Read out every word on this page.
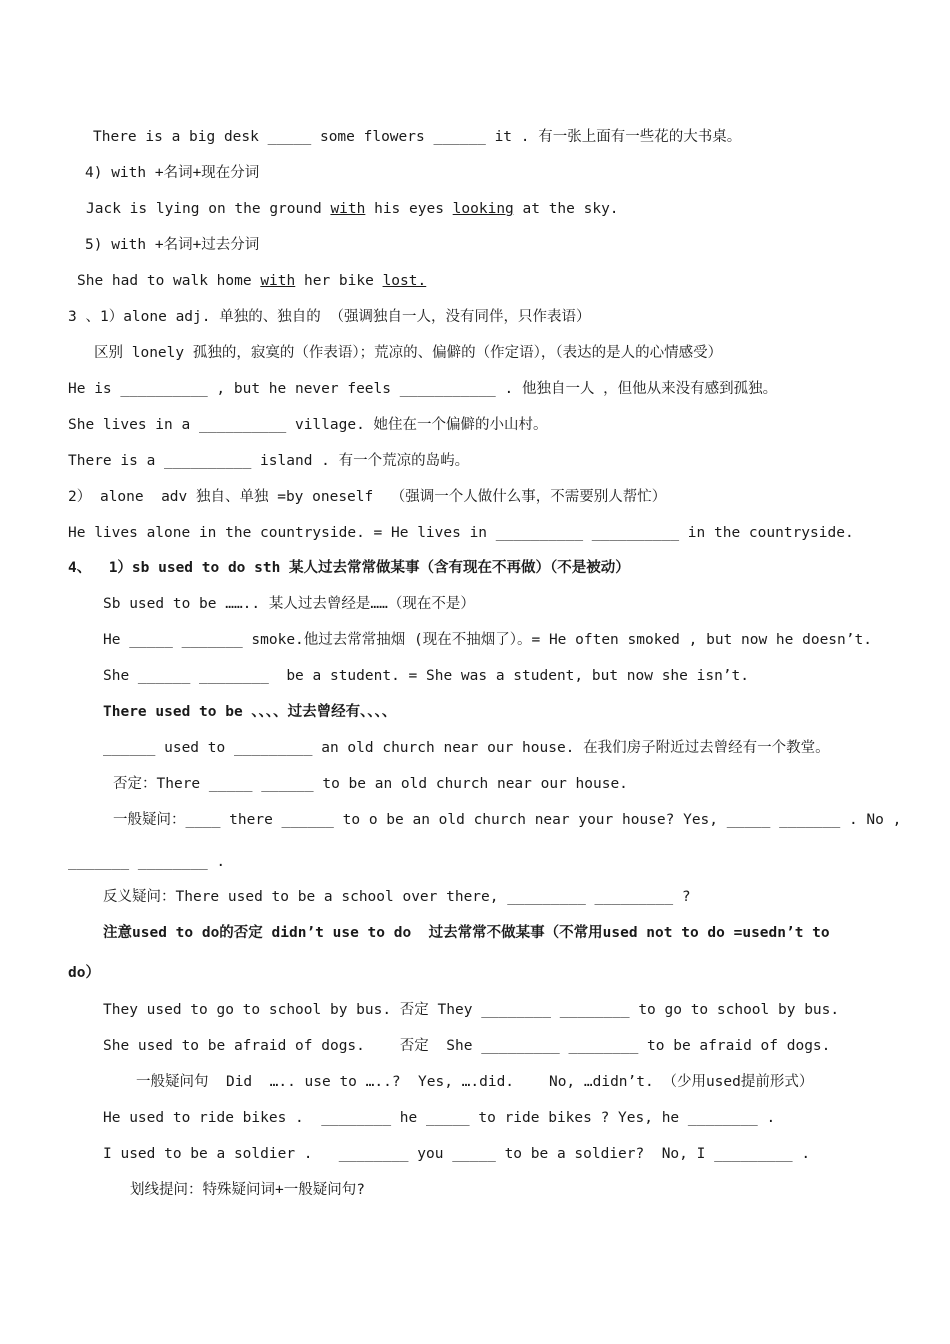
There is a big desk _____ some flowers ______ it . 有一张上面有一些花的大书桌。
4) with +名词+现在分词
Jack is lying on the ground with his eyes looking at the sky.
5) with +名词+过去分词
She had to walk home with her bike lost.
3 、1）alone adj. 单独的、独自的 （强调独自一人，没有同伴，只作表语）
区别 lonely 孤独的，寂寞的（作表语）；荒凉的、偏僻的（作定语），（表达的是人的心情感受）
He is __________ , but he never feels ___________ . 他独自一人 ，但他从来没有感到孤独。
She lives in a __________ village. 她住在一个偏僻的小山村。
There is a __________ island . 有一个荒凉的岛屿。
2） alone  adv 独自、单独 =by oneself  （强调一个人做什么事，不需要别人帮忙）
He lives alone in the countryside. = He lives in __________ __________ in the countryside.
4、  1）sb used to do sth 某人过去常常做某事（含有现在不再做）（不是被动）
Sb used to be …….. 某人过去曾经是……（现在不是）
He _____ _______ smoke.他过去常常抽烟 (现在不抽烟了）。= He often smoked , but now he doesn’t.
She ______ ________  be a student. = She was a student, but now she isn’t.
There used to be 、、、、过去曾经有、、、、
______ used to _________ an old church near our house. 在我们房子附近过去曾经有一个教堂。
否定：There _____ ______ to be an old church near our house.
一般疑问：____ there ______ to o be an old church near your house? Yes, _____ _______ . No ,
_______ ________ .
反义疑问：There used to be a school over there, _________ _________ ?
注意used to do的否定 didn’t use to do  过去常常不做某事（不常用used not to do =usedn’t to
do）
They used to go to school by bus. 否定 They ________ ________ to go to school by bus.
She used to be afraid of dogs.    否定  She _________ ________ to be afraid of dogs.
一般疑问句  Did  ….. use to …..?  Yes, ….did.    No, …didn’t. （少用used提前形式）
He used to ride bikes .  ________ he _____ to ride bikes ? Yes, he ________ .
I used to be a soldier .   ________ you _____ to be a soldier?  No, I _________ .
划线提问：特殊疑问词+一般疑问句?
